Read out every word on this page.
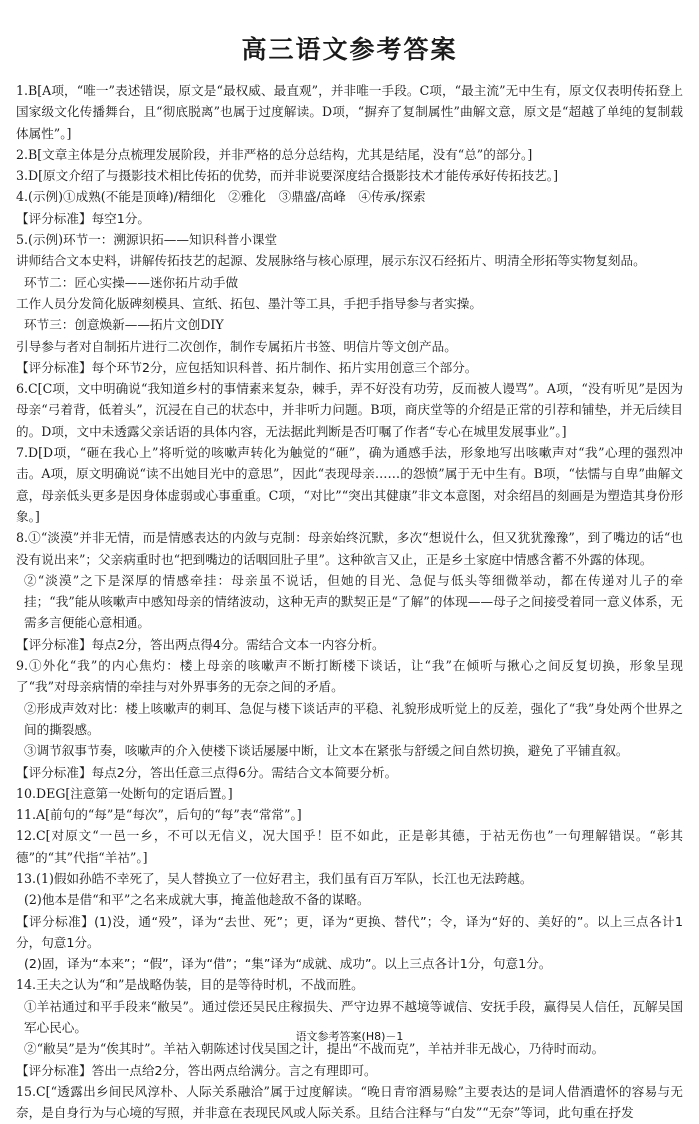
高三语文参考答案

1.B[A项，“唯一”表述错误，原文是“最权威、最直观”，并非唯一手段。C项，“最主流”无中生有，原文仅表明传拓登上国家级文化传播舞台，且“彻底脱离”也属于过度解读。D项，“摒弃了复制属性”曲解文意，原文是“超越了单纯的复制载体属性”。]

2.B[文章主体是分点梳理发展阶段，并非严格的总分总结构，尤其是结尾，没有“总”的部分。]

3.D[原文介绍了与摄影技术相比传拓的优势，而并非说要深度结合摄影技术才能传承好传拓技艺。]

4.(示例)①成熟(不能是顶峰)/精细化　②雅化　③鼎盛/高峰　④传承/探索

【评分标准】每空1分。

5.(示例)环节一：溯源识拓——知识科普小课堂

讲师结合文本史料，讲解传拓技艺的起源、发展脉络与核心原理，展示东汉石经拓片、明清全形拓等实物复刻品。

环节二：匠心实操——迷你拓片动手做

工作人员分发简化版碑刻模具、宣纸、拓包、墨汁等工具，手把手指导参与者实操。

环节三：创意焕新——拓片文创DIY

引导参与者对自制拓片进行二次创作，制作专属拓片书签、明信片等文创产品。

【评分标准】每个环节2分，应包括知识科普、拓片制作、拓片实用创意三个部分。

6.C[C项，文中明确说“我知道乡村的事情素来复杂，棘手，弄不好没有功劳，反而被人谩骂”。A项，“没有听见”是因为母亲“弓着背，低着头”，沉浸在自己的状态中，并非听力问题。B项，商庆堂等的介绍是正常的引荐和铺垫，并无后续目的。D项，文中未透露父亲话语的具体内容，无法据此判断是否叮嘱了作者“专心在城里发展事业”。]

7.D[D项，“砸在我心上”将听觉的咳嗽声转化为触觉的“砸”，确为通感手法，形象地写出咳嗽声对“我”心理的强烈冲击。A项，原文明确说“读不出她目光中的意思”，因此“表现母亲……的怨愤”属于无中生有。B项，“怯懦与自卑”曲解文意，母亲低头更多是因身体虚弱或心事重重。C项，“对比”“突出其健康”非文本意图，对余绍昌的刻画是为塑造其身份形象。]

8.①“淡漠”并非无情，而是情感表达的内敛与克制：母亲始终沉默，多次“想说什么，但又犹犹豫豫”，到了嘴边的话“也没有说出来”；父亲病重时也“把到嘴边的话咽回肚子里”。这种欲言又止，正是乡土家庭中情感含蓄不外露的体现。

②“淡漠”之下是深厚的情感牵挂：母亲虽不说话，但她的目光、急促与低头等细微举动，都在传递对儿子的牵挂；“我”能从咳嗽声中感知母亲的情绪波动，这种无声的默契正是“了解”的体现——母子之间接受着同一意义体系，无需多言便能心意相通。

【评分标准】每点2分，答出两点得4分。需结合文本一内容分析。

9.①外化“我”的内心焦灼：楼上母亲的咳嗽声不断打断楼下谈话，让“我”在倾听与揪心之间反复切换，形象呈现了“我”对母亲病情的牵挂与对外界事务的无奈之间的矛盾。

②形成声效对比：楼上咳嗽声的刺耳、急促与楼下谈话声的平稳、礼貌形成听觉上的反差，强化了“我”身处两个世界之间的撕裂感。

③调节叙事节奏，咳嗽声的介入使楼下谈话屡屡中断，让文本在紧张与舒缓之间自然切换，避免了平铺直叙。

【评分标准】每点2分，答出任意三点得6分。需结合文本简要分析。

10.DEG[注意第一处断句的定语后置。]

11.A[前句的“每”是“每次”，后句的“每”表“常常”。]

12.C[对原文“一邑一乡，不可以无信义，况大国乎！臣不如此，正是彰其德，于祜无伤也”一句理解错误。“彰其德”的“其”代指“羊祜”。]

13.(1)假如孙皓不幸死了，吴人替换立了一位好君主，我们虽有百万军队，长江也无法跨越。

(2)他本是借“和平”之名来成就大事，掩盖他趁敌不备的谋略。

【评分标准】(1)没，通“殁”，译为“去世、死”；更，译为“更换、替代”；令，译为“好的、美好的”。以上三点各计1分，句意1分。

(2)固，译为“本来”；“假”，译为“借”；“集”译为“成就、成功”。以上三点各计1分，句意1分。

14.王夫之认为“和”是战略伪装，目的是等待时机，不战而胜。

①羊祜通过和平手段来“敝吴”。通过偿还吴民庄稼损失、严守边界不越境等诚信、安抚手段，赢得吴人信任，瓦解吴国军心民心。

②“敝吴”是为“俟其时”。羊祜入朝陈述讨伐吴国之计，提出“不战而克”，羊祜并非无战心，乃待时而动。

【评分标准】答出一点给2分，答出两点给满分。言之有理即可。

15.C[“透露出乡间民风淳朴、人际关系融洽”属于过度解读。“晚日青帘酒易赊”主要表达的是词人借酒遣怀的容易与无奈，是自身行为与心境的写照，并非意在表现民风或人际关系。且结合注释与“白发”“无奈”等词，此句重在抒发

语文参考答案(H8)－1
